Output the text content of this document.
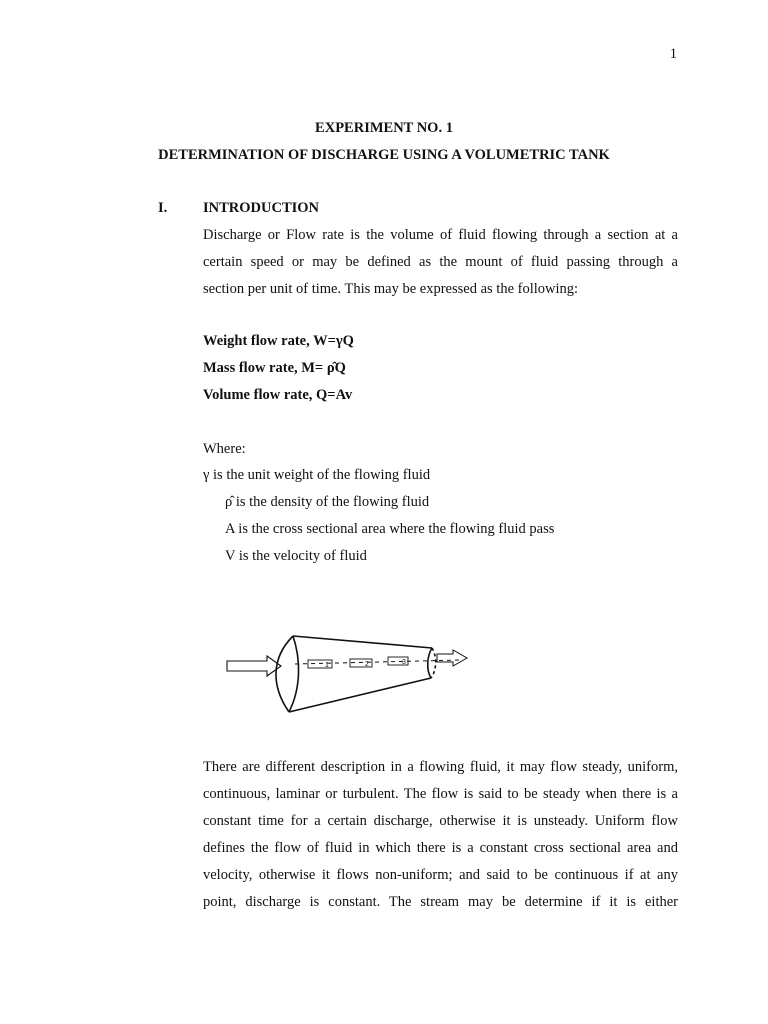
1
EXPERIMENT NO. 1
DETERMINATION OF DISCHARGE USING A VOLUMETRIC TANK
I. INTRODUCTION
Discharge or Flow rate is the volume of fluid flowing through a section at a
certain speed or may be defined as the mount of fluid passing through a
section per unit of time. This may be expressed as the following:
Weight flow rate, W=γQ
Mass flow rate, M= ρ̂Q
Volume flow rate, Q=Av
Where:
γ is the unit weight of the flowing fluid
ρ̂ is the density of the flowing fluid
A is the cross sectional area where the flowing fluid pass
V is the velocity of fluid
1	2	3
There are different description in a flowing fluid, it may flow steady, uniform,
continuous, laminar or turbulent. The flow is said to be steady when there is a
constant time for a certain discharge, otherwise it is unsteady. Uniform flow
defines the flow of fluid in which there is a constant cross sectional area and
velocity, otherwise it flows non-uniform; and said to be continuous if at any
point, discharge is constant. The stream may be determine if it is either
